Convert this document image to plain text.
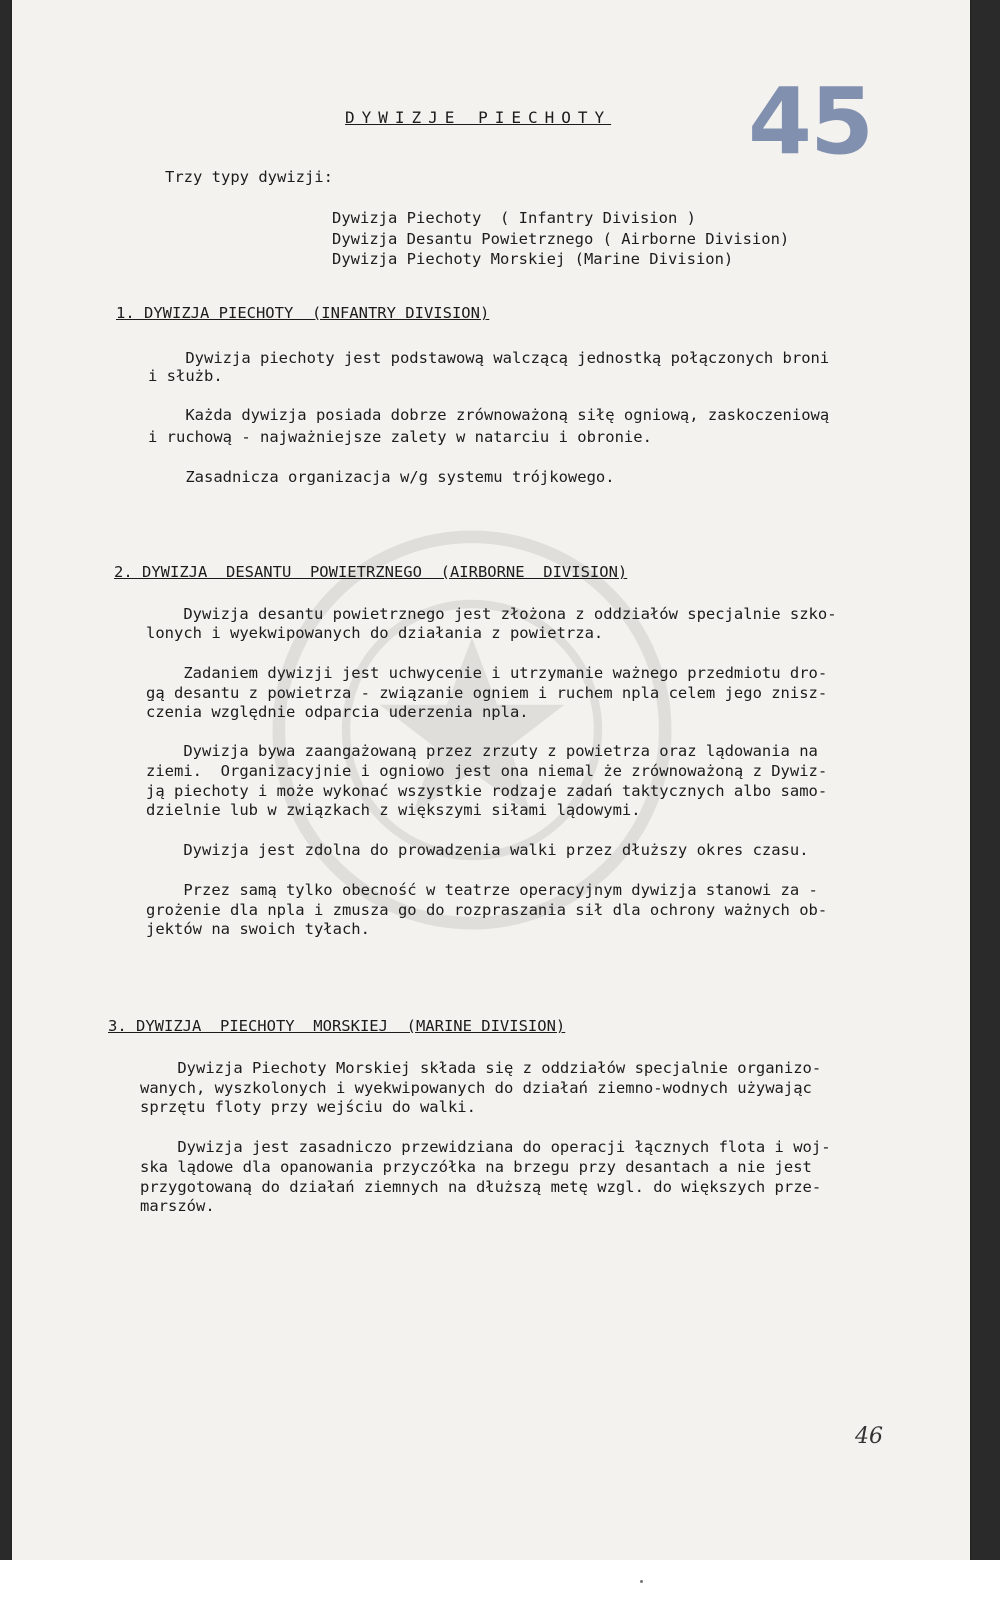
45
DYWIZJE PIECHOTY
Trzy typy dywizji:
Dywizja Piechoty  ( Infantry Division )
Dywizja Desantu Powietrznego ( Airborne Division)
Dywizja Piechoty Morskiej (Marine Division)
1. DYWIZJA PIECHOTY  (INFANTRY DIVISION)
Dywizja piechoty jest podstawową walczącą jednostką połączonych broni
i służb.
Każda dywizja posiada dobrze zrównoważoną siłę ogniową, zaskoczeniową
i ruchową - najważniejsze zalety w natarciu i obronie.
Zasadnicza organizacja w/g systemu trójkowego.
2. DYWIZJA  DESANTU  POWIETRZNEGO  (AIRBORNE  DIVISION)
Dywizja desantu powietrznego jest złożona z oddziałów specjalnie szko-
lonych i wyekwipowanych do działania z powietrza.
Zadaniem dywizji jest uchwycenie i utrzymanie ważnego przedmiotu dro-
gą desantu z powietrza - związanie ogniem i ruchem npla celem jego znisz-
czenia względnie odparcia uderzenia npla.
Dywizja bywa zaangażowaną przez zrzuty z powietrza oraz lądowania na
ziemi.  Organizacyjnie i ogniowo jest ona niemal że zrównoważoną z Dywiz-
ją piechoty i może wykonać wszystkie rodzaje zadań taktycznych albo samo-
dzielnie lub w związkach z większymi siłami lądowymi.
Dywizja jest zdolna do prowadzenia walki przez dłuższy okres czasu.
Przez samą tylko obecność w teatrze operacyjnym dywizja stanowi za -
grożenie dla npla i zmusza go do rozpraszania sił dla ochrony ważnych ob-
jektów na swoich tyłach.
3. DYWIZJA  PIECHOTY  MORSKIEJ  (MARINE DIVISION)
Dywizja Piechoty Morskiej składa się z oddziałów specjalnie organizo-
wanych, wyszkolonych i wyekwipowanych do działań ziemno-wodnych używając
sprzętu floty przy wejściu do walki.
Dywizja jest zasadniczo przewidziana do operacji łącznych flota i woj-
ska lądowe dla opanowania przyczółka na brzegu przy desantach a nie jest
przygotowaną do działań ziemnych na dłuższą metę wzgl. do większych prze-
marszów.
46
